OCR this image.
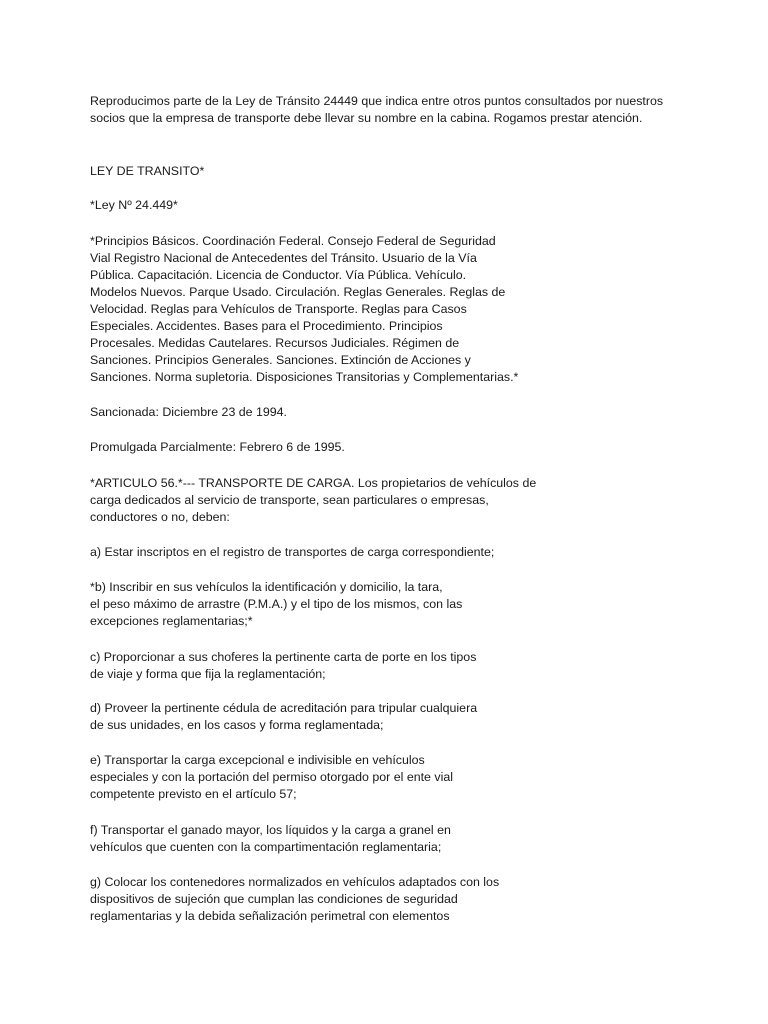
Reproducimos parte de la Ley de Tránsito 24449 que indica entre otros puntos consultados por nuestros

socios que la empresa de transporte debe llevar su nombre en la cabina. Rogamos prestar atención.

LEY DE TRANSITO*

*Ley Nº 24.449*

*Principios Básicos. Coordinación Federal. Consejo Federal de Seguridad

Vial Registro Nacional de Antecedentes del Tránsito. Usuario de la Vía

Pública. Capacitación. Licencia de Conductor. Vía Pública. Vehículo.

Modelos Nuevos. Parque Usado. Circulación. Reglas Generales. Reglas de

Velocidad. Reglas para Vehículos de Transporte. Reglas para Casos

Especiales. Accidentes. Bases para el Procedimiento. Principios

Procesales. Medidas Cautelares. Recursos Judiciales. Régimen de

Sanciones. Principios Generales. Sanciones. Extinción de Acciones y

Sanciones. Norma supletoria. Disposiciones Transitorias y Complementarias.*

Sancionada: Diciembre 23 de 1994.

Promulgada Parcialmente: Febrero 6 de 1995.

*ARTICULO 56.*--- TRANSPORTE DE CARGA. Los propietarios de vehículos de

carga dedicados al servicio de transporte, sean particulares o empresas,

conductores o no, deben:

a) Estar inscriptos en el registro de transportes de carga correspondiente;

*b) Inscribir en sus vehículos la identificación y domicilio, la tara,

el peso máximo de arrastre (P.M.A.) y el tipo de los mismos, con las

excepciones reglamentarias;*

c) Proporcionar a sus choferes la pertinente carta de porte en los tipos

de viaje y forma que fija la reglamentación;

d) Proveer la pertinente cédula de acreditación para tripular cualquiera

de sus unidades, en los casos y forma reglamentada;

e) Transportar la carga excepcional e indivisible en vehículos

especiales y con la portación del permiso otorgado por el ente vial

competente previsto en el artículo 57;

f) Transportar el ganado mayor, los líquidos y la carga a granel en

vehículos que cuenten con la compartimentación reglamentaria;

g) Colocar los contenedores normalizados en vehículos adaptados con los

dispositivos de sujeción que cumplan las condiciones de seguridad

reglamentarias y la debida señalización perimetral con elementos
